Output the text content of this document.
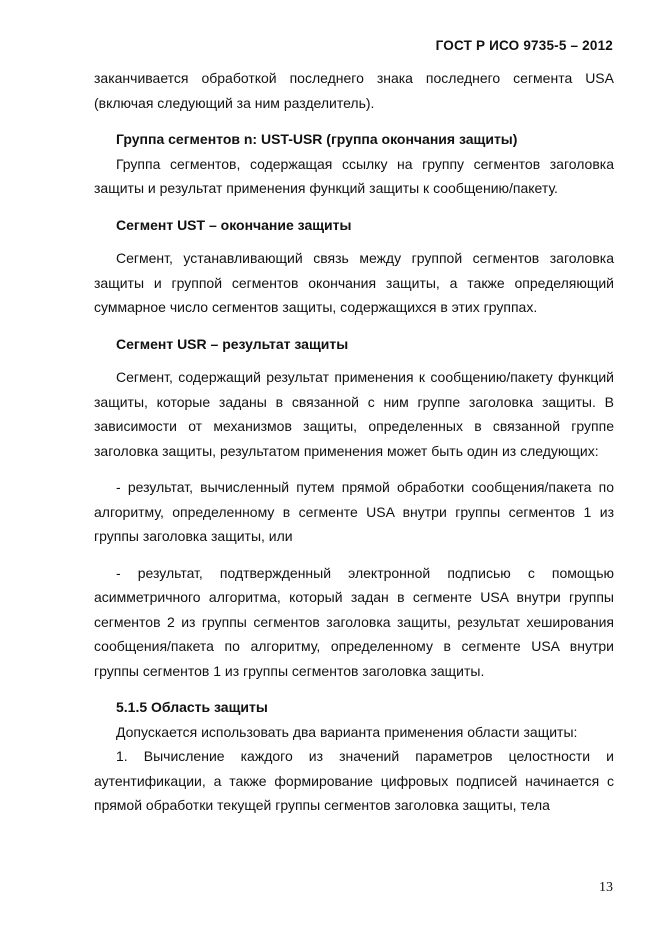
ГОСТ Р ИСО 9735-5 – 2012

заканчивается обработкой последнего знака последнего сегмента USA (включая следующий за ним разделитель).

Группа сегментов n: UST-USR (группа окончания защиты)

Группа сегментов, содержащая ссылку на группу сегментов заголовка защиты и результат применения функций защиты к сообщению/пакету.

Сегмент UST – окончание защиты

Сегмент, устанавливающий связь между группой сегментов заголовка защиты и группой сегментов окончания защиты, а также определяющий суммарное число сегментов защиты, содержащихся в этих группах.

Сегмент USR – результат защиты

Сегмент, содержащий результат применения к сообщению/пакету функций защиты, которые заданы в связанной с ним группе заголовка защиты. В зависимости от механизмов защиты, определенных в связанной группе заголовка защиты, результатом применения может быть один из следующих:

- результат, вычисленный путем прямой обработки сообщения/пакета по алгоритму, определенному в сегменте USA внутри группы сегментов 1 из группы заголовка защиты, или

- результат, подтвержденный электронной подписью с помощью асимметричного алгоритма, который задан в сегменте USA внутри группы сегментов 2 из группы сегментов заголовка защиты, результат хеширования сообщения/пакета по алгоритму, определенному в сегменте USA внутри группы сегментов 1 из группы сегментов заголовка защиты.

5.1.5 Область защиты

Допускается использовать два варианта применения области защиты:

1. Вычисление каждого из значений параметров целостности и аутентификации, а также формирование цифровых подписей начинается с прямой обработки текущей группы сегментов заголовка защиты, тела

13
